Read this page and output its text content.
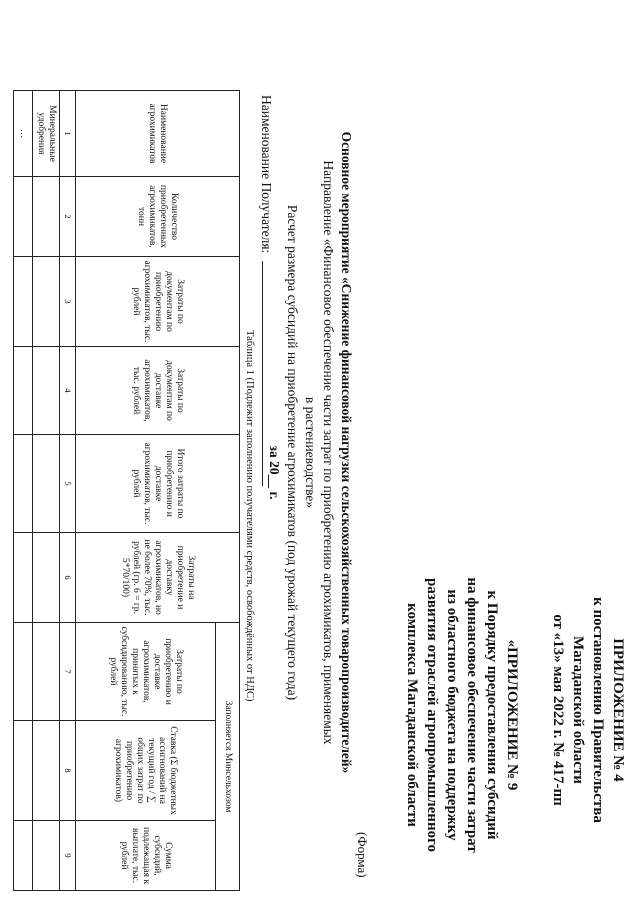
ПРИЛОЖЕНИЕ № 4
к постановлению Правительства
Магаданской области
от «13» мая 2022 г. № 417-пп
«ПРИЛОЖЕНИЕ № 9
к Порядку предоставления субсидий
на финансовое обеспечение части затрат
из областного бюджета на поддержку
развития отраслей агропромышленного
комплекса Магаданской области
(Форма)
Основное мероприятие «Снижение финансовой нагрузки сельскохозяйственных товаропроизводителей»
Направление «Финансовое обеспечение части затрат по приобретению агрохимикатов, применяемых
в растениеводстве»
Расчет размера субсидий на приобретение агрохимикатов (под урожай текущего года)
за 20__ г.
Наименование Получателя:
Таблица 1 (Подлежит заполнению получателями средств, освобождённых от НДС)
Наименование агрохимикатов	Количество приобретенных агрохимикатов, тонн	Затраты по документам по приобретению агрохимикатов, тыс. рублей	Затраты по документам по доставке агрохимикатов, тыс. рублей	Итого затраты по приобретению и доставке агрохимикатов, тыс. рублей	Затраты на приобретение и доставку агрохимикатов, но не более 70%, тыс. рублей (гр. 6 = гр. 5*70/100)	Заполняется Минсельхозом		
						Затраты по приобретению и доставке агрохимикатов, принятых к субсидированию, тыс. рублей	Ставка (Σ бюджетных ассигнований на текущий год / ∑ общих затрат по приобретению агрохимикатов)	Сумма субсидий, подлежащая к выплате, тыс. рублей
1	2	3	4	5	6	7	8	9
Минеральные удобрения								
…								
